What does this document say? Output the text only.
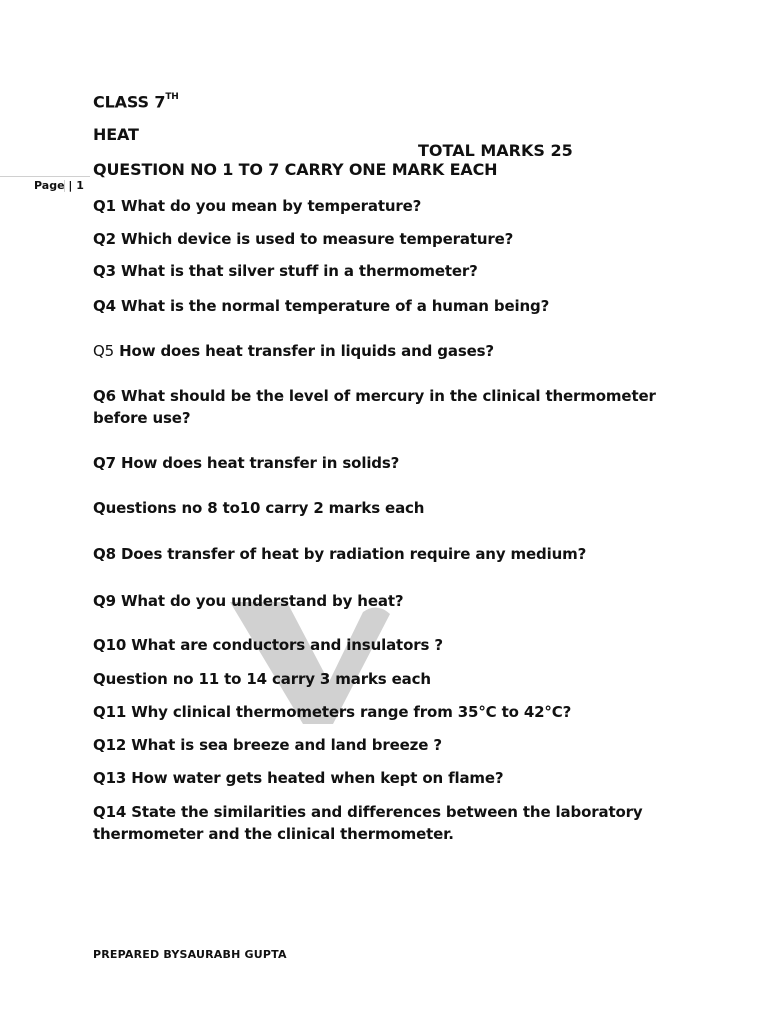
CLASS 7TH

HEAT

TOTAL MARKS 25

QUESTION NO 1 TO 7 CARRY ONE MARK EACH

Page | 1

Q1 What do you mean by temperature?

Q2 Which device is used to measure temperature?

Q3 What is that silver stuff in a thermometer?

Q4 What is the normal temperature of a human being?

Q5 How does heat transfer in liquids and gases?

Q6 What should be the level of mercury in the clinical thermometer before use?

Q7 How does heat transfer in solids?

Questions no 8 to10 carry 2 marks each

Q8 Does transfer of heat by radiation require any medium?

Q9 What do you understand by heat?

Q10 What are conductors and insulators ?

Question no 11 to 14 carry 3 marks each

Q11 Why clinical thermometers range from 35°C to 42°C?

Q12 What is sea breeze and land breeze ?

Q13 How water gets heated when kept on flame?

Q14 State the similarities and differences between the laboratory thermometer and the clinical thermometer.

PREPARED BYSAURABH GUPTA
